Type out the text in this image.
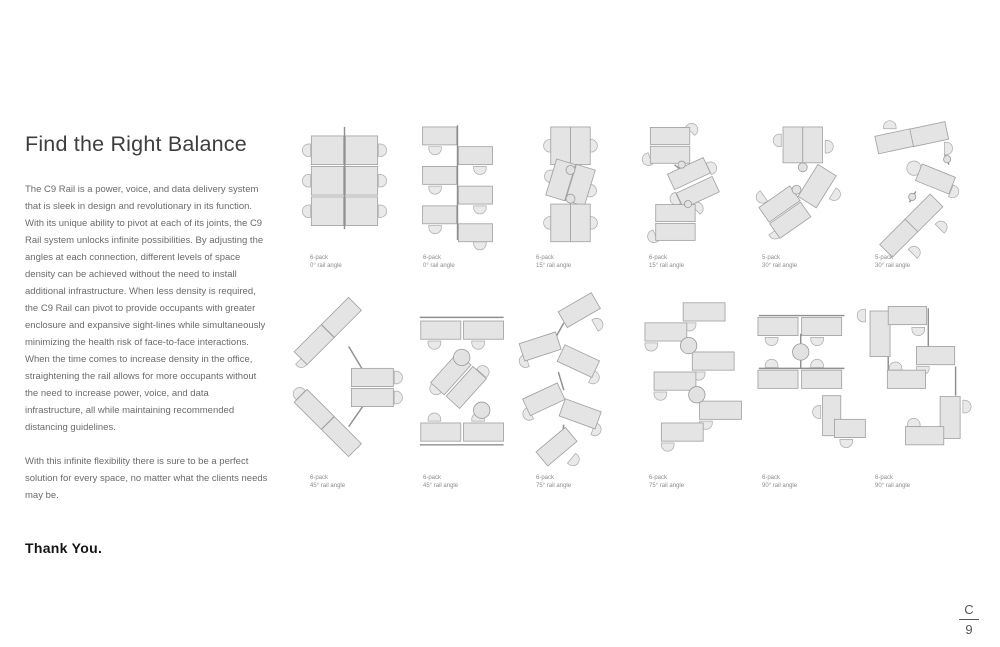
Find the Right Balance

The C9 Rail is a power, voice, and data delivery system that is sleek in design and revolutionary in its function. With its unique ability to pivot at each of its joints, the C9 Rail system unlocks infinite possibilities. By adjusting the angles at each connection, different levels of space density can be achieved without the need to install additional infrastructure. When less density is required, the C9 Rail can pivot to provide occupants with greater enclosure and expansive sight-lines while simultaneously minimizing the health risk of face-to-face interactions. When the time comes to increase density in the office, straightening the rail allows for more occupants without the need to increase power, voice, and data infrastructure, all while maintaining recommended distancing guidelines.

With this infinite flexibility there is sure to be a perfect solution for every space, no matter what the clients needs may be.

Thank You.
6-pack
0° rail angle
6-pack
0° rail angle
6-pack
15° rail angle
6-pack
15° rail angle
5-pack
30° rail angle
5-pack
30° rail angle
6-pack
45° rail angle
6-pack
45° rail angle
6-pack
75° rail angle
6-pack
75° rail angle
6-pack
90° rail angle
6-pack
90° rail angle
C
9
